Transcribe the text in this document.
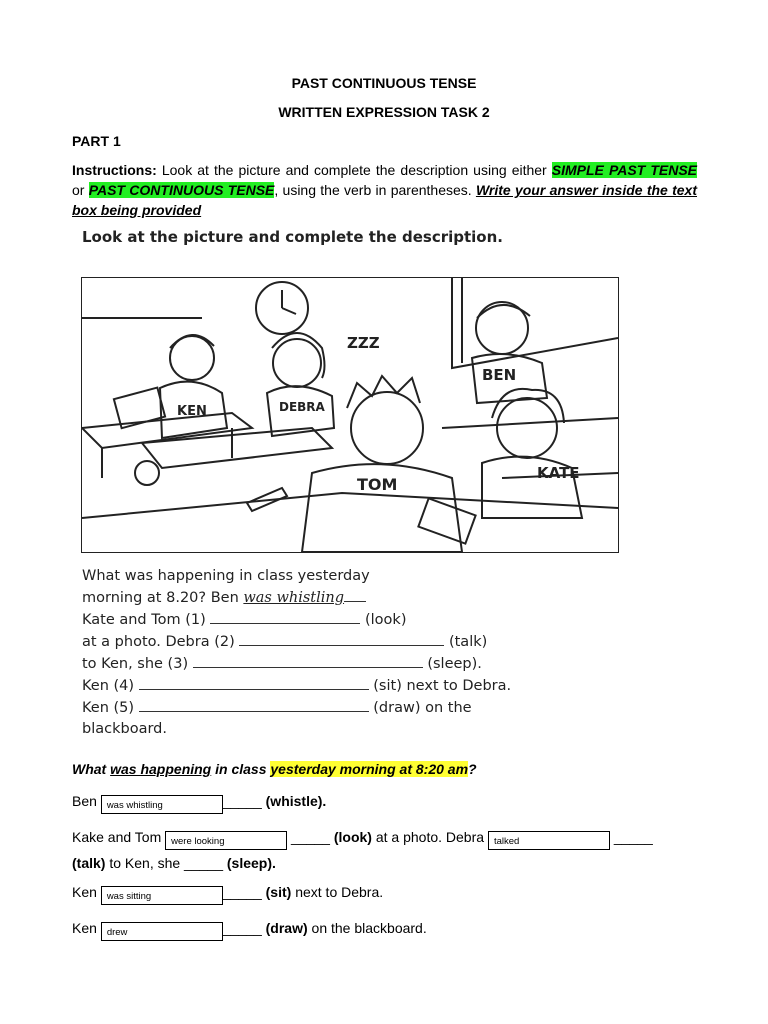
PAST CONTINUOUS TENSE
WRITTEN EXPRESSION TASK 2
PART 1
Instructions: Look at the picture and complete the description using either SIMPLE PAST TENSE or PAST CONTINUOUS TENSE, using the verb in parentheses. Write your answer inside the text box being provided
Look at the picture and complete the description.
KEN	DEBRA
TOM
BEN
KATE
ZZZ
What was happening in class yesterday
morning at 8.20? Ben was whistling
Kate and Tom (1)	(look)
at a photo. Debra (2)	(talk)
to Ken, she (3)	(sleep).
Ken (4)	(sit) next to Debra.
Ken (5)	(draw) on the
blackboard.
What was happening in class yesterday morning at 8:20 am?
Ben was whistling	_____ (whistle).
Kake and Tom were looking	_____ (look) at a photo. Debra talked	_____
(talk) to Ken, she _____ (sleep).
Ken was sitting	_____ (sit) next to Debra.
Ken drew	_____ (draw) on the blackboard.
